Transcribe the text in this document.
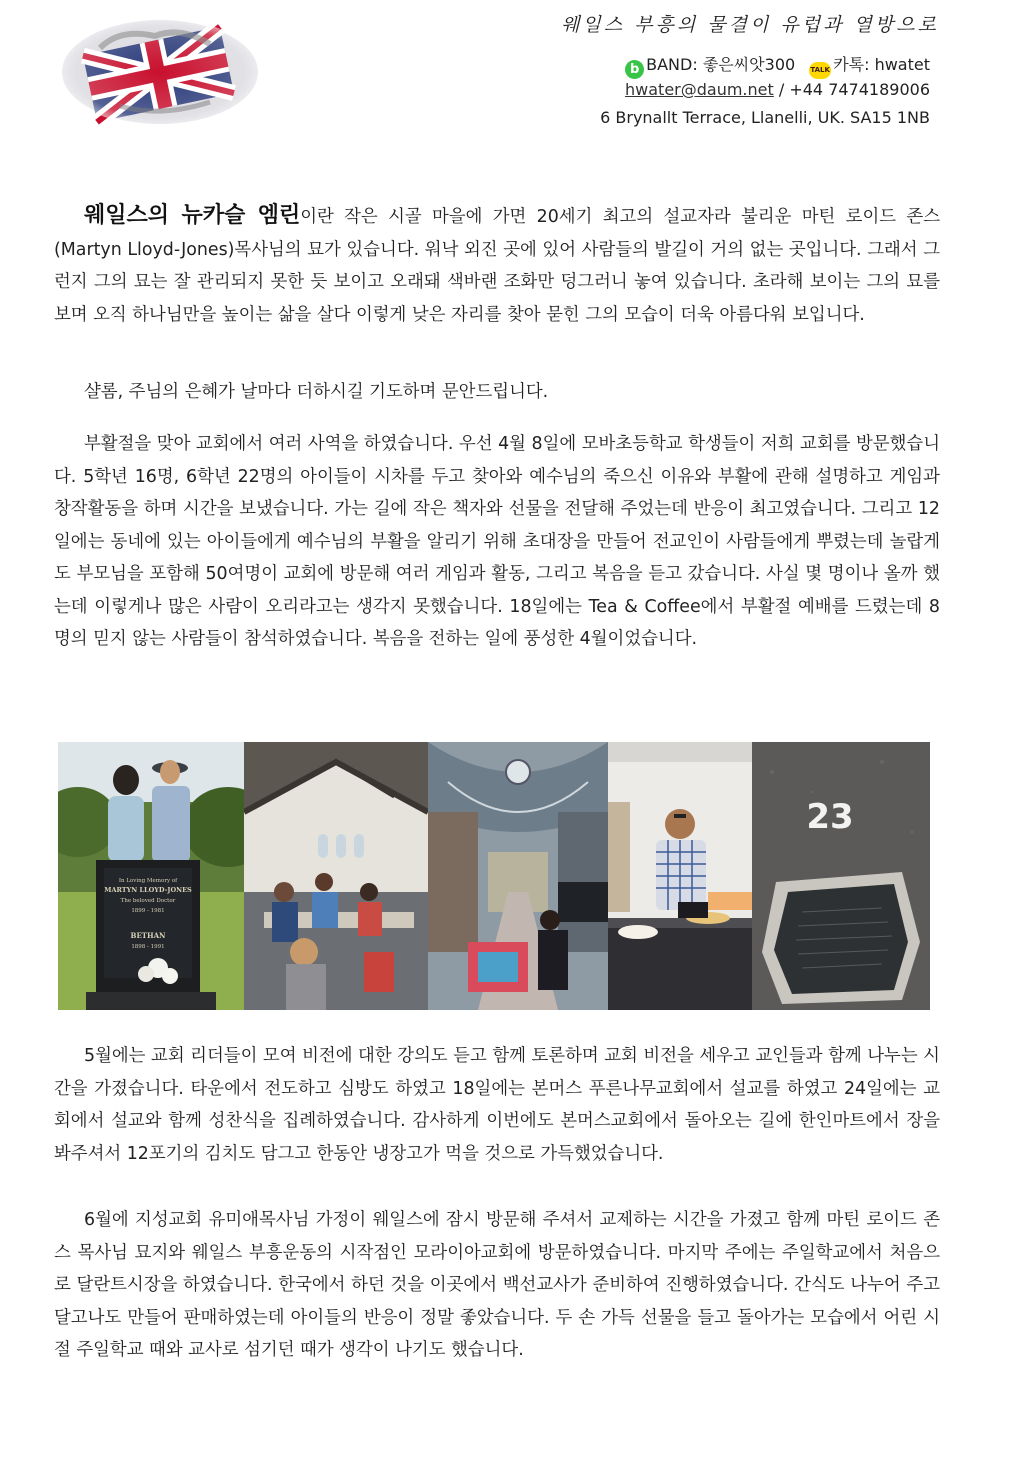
웨일스 부흥의 물결이 유럽과 열방으로
b BAND: 좋은씨앗300 TALK 카톡: hwatet
hwater@daum.net / +44 7474189006
6 Brynallt Terrace, Llanelli, UK. SA15 1NB

웨일스의 뉴카슬 엠린이란 작은 시골 마을에 가면 20세기 최고의 설교자라 불리운 마틴 로이드 존스(Martyn Lloyd-Jones)목사님의 묘가 있습니다. 워낙 외진 곳에 있어 사람들의 발길이 거의 없는 곳입니다. 그래서 그런지 그의 묘는 잘 관리되지 못한 듯 보이고 오래돼 색바랜 조화만 덩그러니 놓여 있습니다. 초라해 보이는 그의 묘를 보며 오직 하나님만을 높이는 삶을 살다 이렇게 낮은 자리를 찾아 묻힌 그의 모습이 더욱 아름다워 보입니다.

샬롬, 주님의 은혜가 날마다 더하시길 기도하며 문안드립니다.

부활절을 맞아 교회에서 여러 사역을 하였습니다. 우선 4월 8일에 모바초등학교 학생들이 저희 교회를 방문했습니다. 5학년 16명, 6학년 22명의 아이들이 시차를 두고 찾아와 예수님의 죽으신 이유와 부활에 관해 설명하고 게임과 창작활동을 하며 시간을 보냈습니다. 가는 길에 작은 책자와 선물을 전달해 주었는데 반응이 최고였습니다. 그리고 12일에는 동네에 있는 아이들에게 예수님의 부활을 알리기 위해 초대장을 만들어 전교인이 사람들에게 뿌렸는데 놀랍게도 부모님을 포함해 50여명이 교회에 방문해 여러 게임과 활동, 그리고 복음을 듣고 갔습니다. 사실 몇 명이나 올까 했는데 이렇게나 많은 사람이 오리라고는 생각지 못했습니다. 18일에는 Tea & Coffee에서 부활절 예배를 드렸는데 8명의 믿지 않는 사람들이 참석하였습니다. 복음을 전하는 일에 풍성한 4월이었습니다.

In Loving Memory of
MARTYN LLOYD-JONES
The beloved Doctor
1899 - 1981
BETHAN
1898 - 1991
23

5월에는 교회 리더들이 모여 비전에 대한 강의도 듣고 함께 토론하며 교회 비전을 세우고 교인들과 함께 나누는 시간을 가졌습니다. 타운에서 전도하고 심방도 하였고 18일에는 본머스 푸른나무교회에서 설교를 하였고 24일에는 교회에서 설교와 함께 성찬식을 집례하였습니다. 감사하게 이번에도 본머스교회에서 돌아오는 길에 한인마트에서 장을 봐주셔서 12포기의 김치도 담그고 한동안 냉장고가 먹을 것으로 가득했었습니다.

6월에 지성교회 유미애목사님 가정이 웨일스에 잠시 방문해 주셔서 교제하는 시간을 가졌고 함께 마틴 로이드 존스 목사님 묘지와 웨일스 부흥운동의 시작점인 모라이아교회에 방문하였습니다. 마지막 주에는 주일학교에서 처음으로 달란트시장을 하였습니다. 한국에서 하던 것을 이곳에서 백선교사가 준비하여 진행하였습니다. 간식도 나누어 주고 달고나도 만들어 판매하였는데 아이들의 반응이 정말 좋았습니다. 두 손 가득 선물을 들고 돌아가는 모습에서 어린 시절 주일학교 때와 교사로 섬기던 때가 생각이 나기도 했습니다.
